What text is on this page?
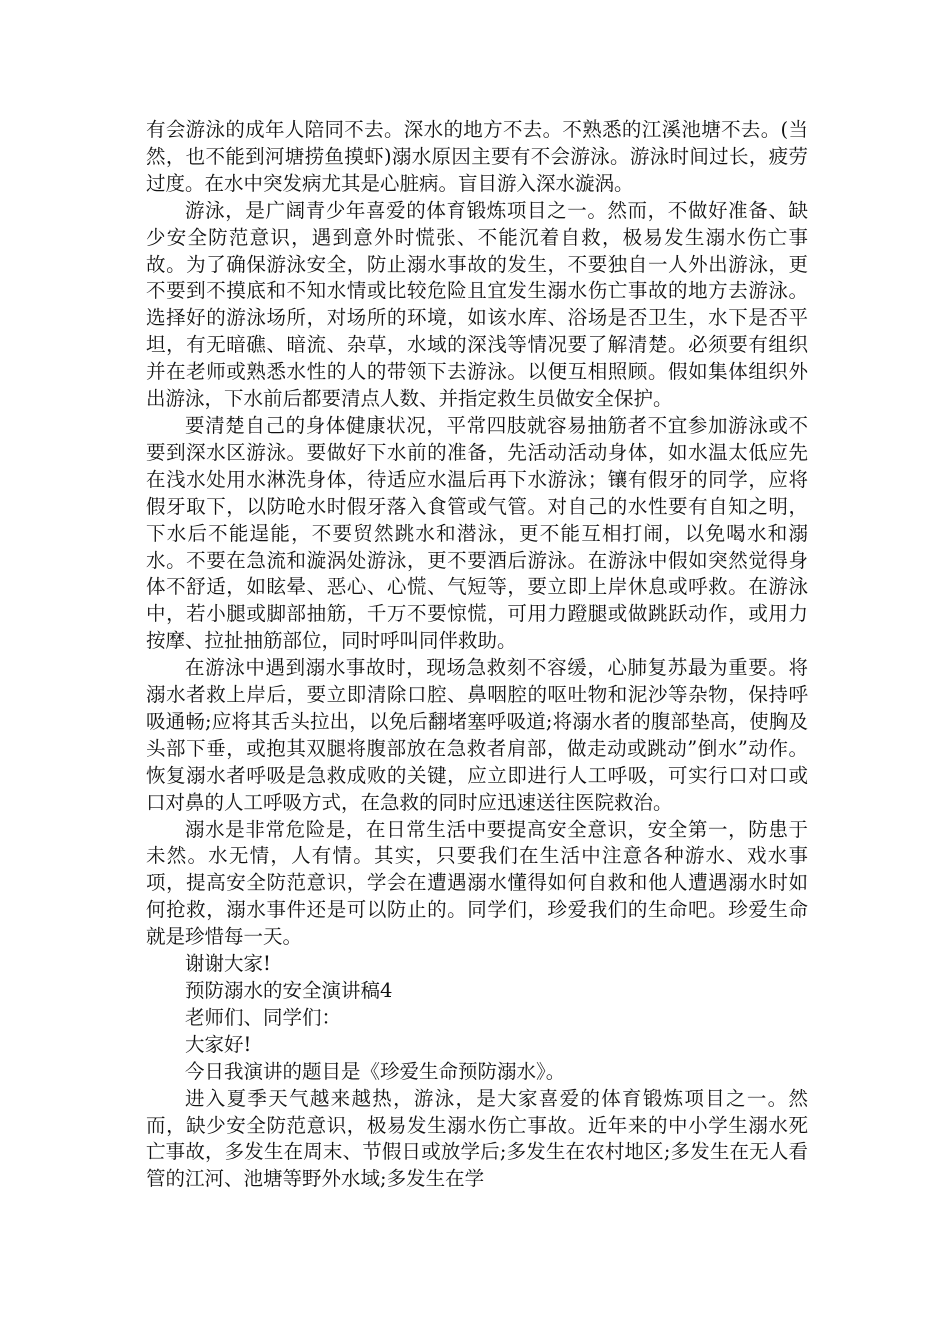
有会游泳的成年人陪同不去。深水的地方不去。不熟悉的江溪池塘不去。(当然，也不能到河塘捞鱼摸虾)溺水原因主要有不会游泳。游泳时间过长，疲劳过度。在水中突发病尤其是心脏病。盲目游入深水漩涡。

游泳，是广阔青少年喜爱的体育锻炼项目之一。然而，不做好准备、缺少安全防范意识，遇到意外时慌张、不能沉着自救，极易发生溺水伤亡事故。为了确保游泳安全，防止溺水事故的发生，不要独自一人外出游泳，更不要到不摸底和不知水情或比较危险且宜发生溺水伤亡事故的地方去游泳。选择好的游泳场所，对场所的环境，如该水库、浴场是否卫生，水下是否平坦，有无暗礁、暗流、杂草，水域的深浅等情况要了解清楚。必须要有组织并在老师或熟悉水性的人的带领下去游泳。以便互相照顾。假如集体组织外出游泳，下水前后都要清点人数、并指定救生员做安全保护。

要清楚自己的身体健康状况，平常四肢就容易抽筋者不宜参加游泳或不要到深水区游泳。要做好下水前的准备，先活动活动身体，如水温太低应先在浅水处用水淋洗身体，待适应水温后再下水游泳；镶有假牙的同学，应将假牙取下，以防呛水时假牙落入食管或气管。对自己的水性要有自知之明，下水后不能逞能，不要贸然跳水和潜泳，更不能互相打闹，以免喝水和溺水。不要在急流和漩涡处游泳，更不要酒后游泳。在游泳中假如突然觉得身体不舒适，如眩晕、恶心、心慌、气短等，要立即上岸休息或呼救。在游泳中，若小腿或脚部抽筋，千万不要惊慌，可用力蹬腿或做跳跃动作，或用力按摩、拉扯抽筋部位，同时呼叫同伴救助。

在游泳中遇到溺水事故时，现场急救刻不容缓，心肺复苏最为重要。将溺水者救上岸后，要立即清除口腔、鼻咽腔的呕吐物和泥沙等杂物，保持呼吸通畅;应将其舌头拉出，以免后翻堵塞呼吸道;将溺水者的腹部垫高，使胸及头部下垂，或抱其双腿将腹部放在急救者肩部，做走动或跳动”倒水”动作。恢复溺水者呼吸是急救成败的关键，应立即进行人工呼吸，可实行口对口或口对鼻的人工呼吸方式，在急救的同时应迅速送往医院救治。

溺水是非常危险是，在日常生活中要提高安全意识，安全第一，防患于未然。水无情，人有情。其实，只要我们在生活中注意各种游水、戏水事项，提高安全防范意识，学会在遭遇溺水懂得如何自救和他人遭遇溺水时如何抢救，溺水事件还是可以防止的。同学们，珍爱我们的生命吧。珍爱生命就是珍惜每一天。

谢谢大家!

预防溺水的安全演讲稿4

老师们、同学们：

大家好!

今日我演讲的题目是《珍爱生命预防溺水》。

进入夏季天气越来越热，游泳，是大家喜爱的体育锻炼项目之一。然而，缺少安全防范意识，极易发生溺水伤亡事故。近年来的中小学生溺水死亡事故，多发生在周末、节假日或放学后;多发生在农村地区;多发生在无人看管的江河、池塘等野外水域;多发生在学
